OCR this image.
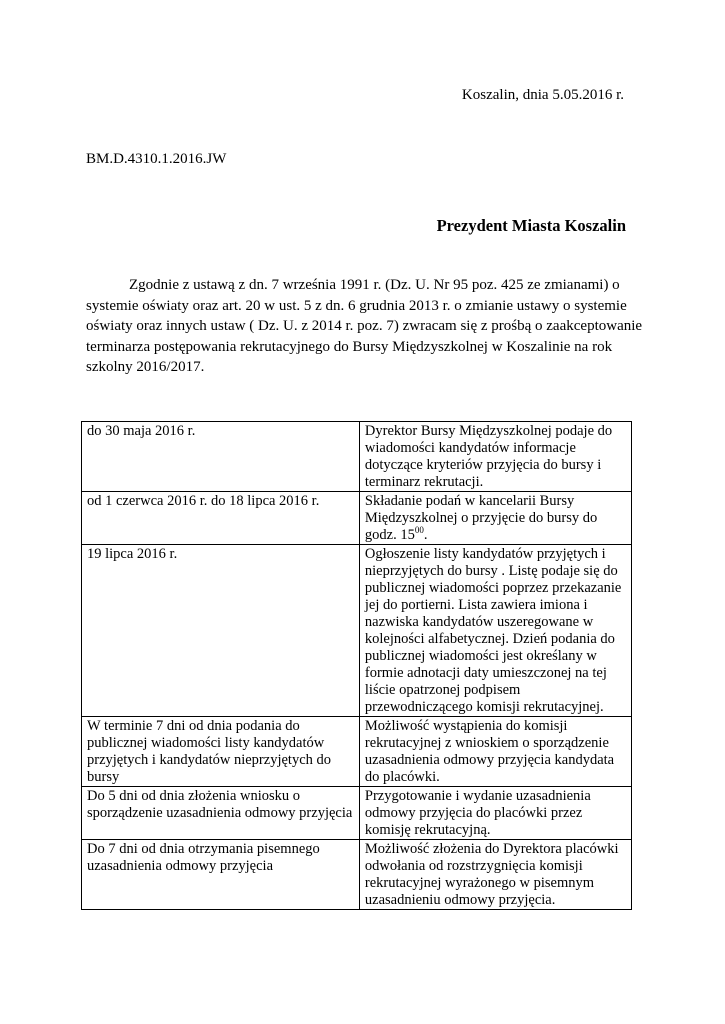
Koszalin, dnia 5.05.2016 r.
BM.D.4310.1.2016.JW
Prezydent Miasta Koszalin

Zgodnie z ustawą z dn. 7 września 1991 r. (Dz. U. Nr 95 poz. 425 ze zmianami) o systemie oświaty oraz art. 20 w ust. 5 z dn. 6 grudnia 2013 r. o zmianie ustawy o systemie oświaty oraz innych ustaw ( Dz. U. z 2014 r. poz. 7) zwracam się z prośbą o zaakceptowanie terminarza postępowania rekrutacyjnego do Bursy Międzyszkolnej w Koszalinie na rok szkolny 2016/2017.

do 30 maja 2016 r.	Dyrektor Bursy Międzyszkolnej podaje do wiadomości kandydatów informacje dotyczące kryteriów przyjęcia do bursy i terminarz rekrutacji.
od 1 czerwca 2016 r. do 18 lipca 2016 r.	Składanie podań w kancelarii Bursy Międzyszkolnej o przyjęcie do bursy do godz. $15^{00}$.
19 lipca 2016 r.	Ogłoszenie listy kandydatów przyjętych i nieprzyjętych do bursy . Listę podaje się do publicznej wiadomości poprzez przekazanie jej do portierni. Lista zawiera imiona i nazwiska kandydatów uszeregowane w kolejności alfabetycznej. Dzień podania do publicznej wiadomości jest określany w formie adnotacji daty umieszczonej na tej liście opatrzonej podpisem przewodniczącego komisji rekrutacyjnej.
W terminie 7 dni od dnia podania do publicznej wiadomości listy kandydatów przyjętych i kandydatów nieprzyjętych do bursy	Możliwość wystąpienia do komisji rekrutacyjnej z wnioskiem o sporządzenie uzasadnienia odmowy przyjęcia kandydata do placówki.
Do 5 dni od dnia złożenia wniosku o sporządzenie uzasadnienia odmowy przyjęcia	Przygotowanie i wydanie uzasadnienia odmowy przyjęcia do placówki przez komisję rekrutacyjną.
Do 7 dni od dnia otrzymania pisemnego uzasadnienia odmowy przyjęcia	Możliwość złożenia do Dyrektora placówki odwołania od rozstrzygnięcia komisji rekrutacyjnej wyrażonego w pisemnym uzasadnieniu odmowy przyjęcia.
